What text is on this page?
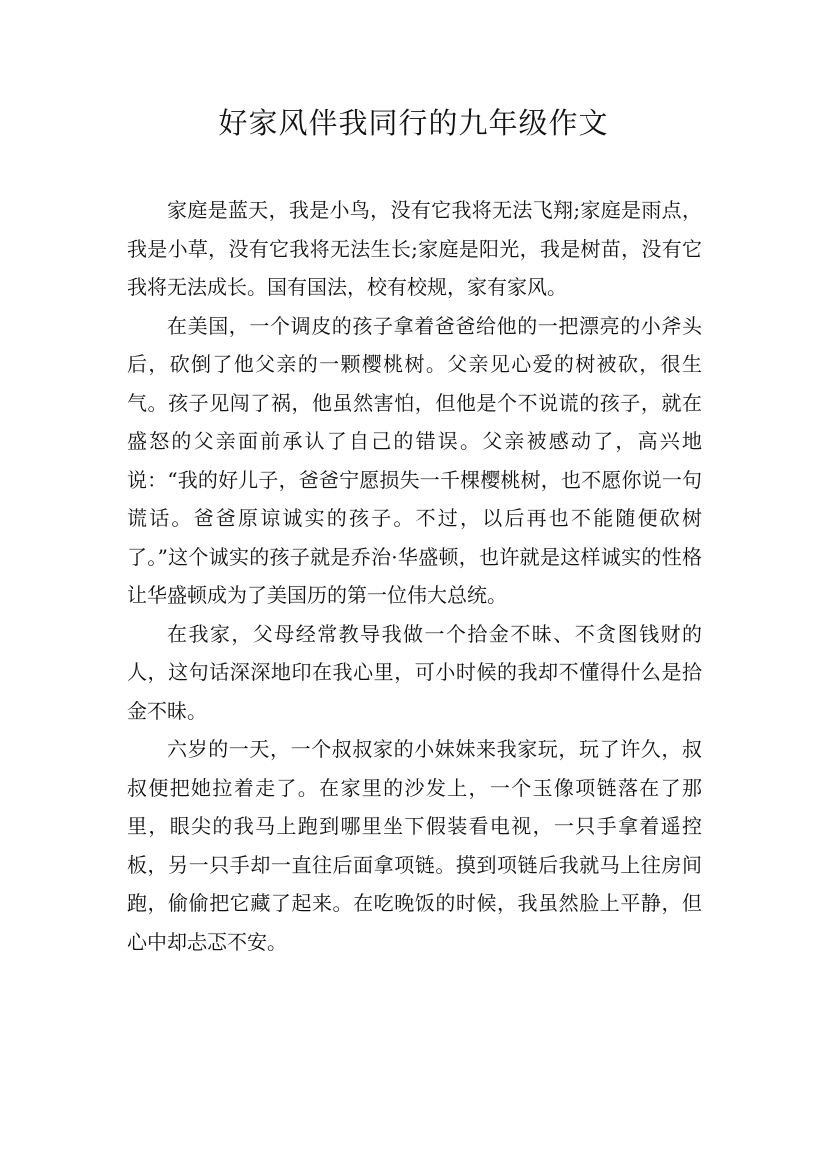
好家风伴我同行的九年级作文

家庭是蓝天，我是小鸟，没有它我将无法飞翔;家庭是雨点，我是小草，没有它我将无法生长;家庭是阳光，我是树苗，没有它我将无法成长。国有国法，校有校规，家有家风。

在美国，一个调皮的孩子拿着爸爸给他的一把漂亮的小斧头后，砍倒了他父亲的一颗樱桃树。父亲见心爱的树被砍，很生气。孩子见闯了祸，他虽然害怕，但他是个不说谎的孩子，就在盛怒的父亲面前承认了自己的错误。父亲被感动了，高兴地说：“我的好儿子，爸爸宁愿损失一千棵樱桃树，也不愿你说一句谎话。爸爸原谅诚实的孩子。不过，以后再也不能随便砍树了。”这个诚实的孩子就是乔治·华盛顿，也许就是这样诚实的性格让华盛顿成为了美国历的第一位伟大总统。

在我家，父母经常教导我做一个拾金不昧、不贪图钱财的人，这句话深深地印在我心里，可小时候的我却不懂得什么是拾金不昧。

六岁的一天，一个叔叔家的小妹妹来我家玩，玩了许久，叔叔便把她拉着走了。在家里的沙发上，一个玉像项链落在了那里，眼尖的我马上跑到哪里坐下假装看电视，一只手拿着遥控板，另一只手却一直往后面拿项链。摸到项链后我就马上往房间跑，偷偷把它藏了起来。在吃晚饭的时候，我虽然脸上平静，但心中却忐忑不安。
